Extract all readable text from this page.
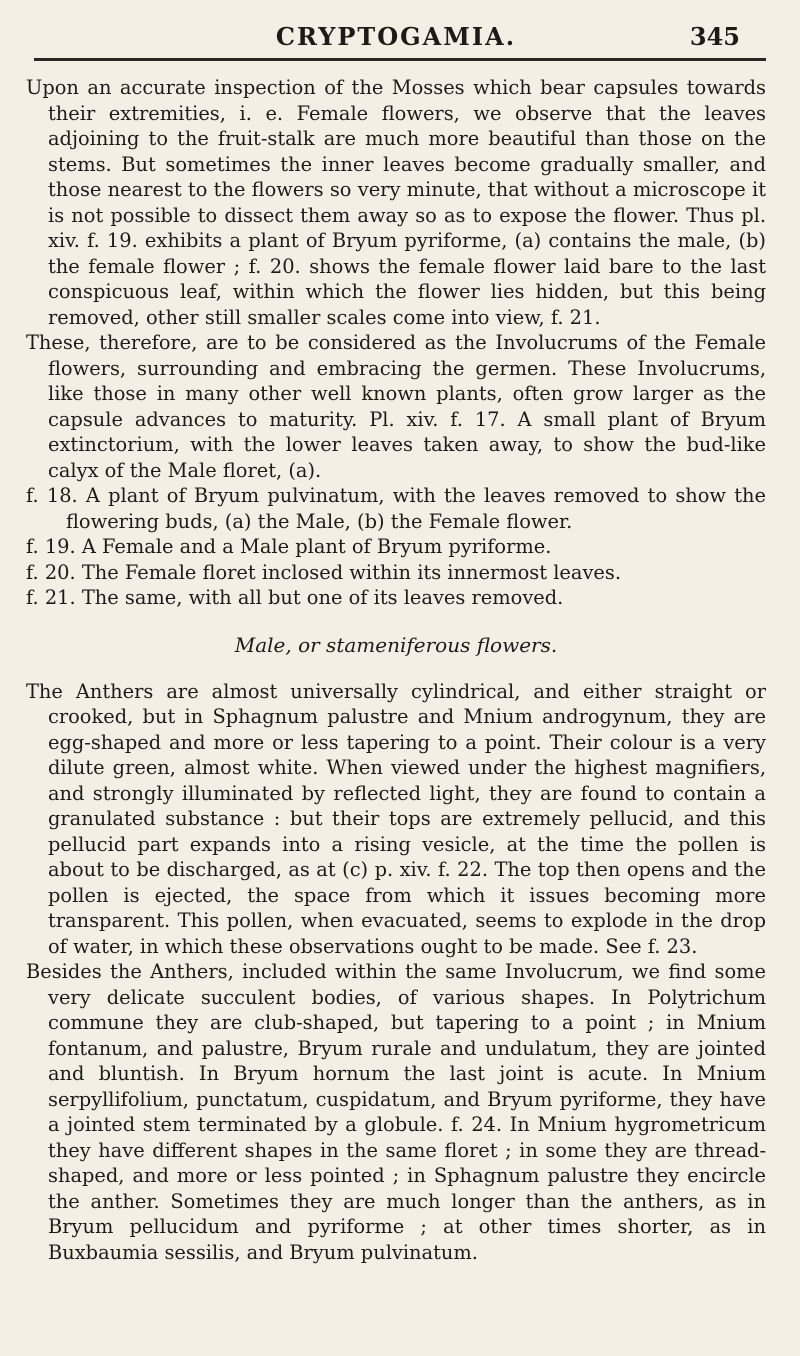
CRYPTOGAMIA.	345

Upon an accurate inspection of the Mosses which bear capsules towards their extremities, i. e. Female flowers, we observe that the leaves adjoining to the fruit-stalk are much more beautiful than those on the stems. But sometimes the inner leaves become gradually smaller, and those nearest to the flowers so very minute, that without a microscope it is not possible to dissect them away so as to expose the flower. Thus pl. xiv. f. 19. exhibits a plant of Bryum pyriforme, (a) contains the male, (b) the female flower ; f. 20. shows the female flower laid bare to the last conspicuous leaf, within which the flower lies hidden, but this being removed, other still smaller scales come into view, f. 21.

These, therefore, are to be considered as the Involucrums of the Female flowers, surrounding and embracing the germen. These Involucrums, like those in many other well known plants, often grow larger as the capsule advances to maturity. Pl. xiv. f. 17. A small plant of Bryum extinctorium, with the lower leaves taken away, to show the bud-like calyx of the Male floret, (a).

f. 18. A plant of Bryum pulvinatum, with the leaves removed to show the flowering buds, (a) the Male, (b) the Female flower.

f. 19. A Female and a Male plant of Bryum pyriforme.

f. 20. The Female floret inclosed within its innermost leaves.

f. 21. The same, with all but one of its leaves removed.

Male, or stameniferous flowers.

The Anthers are almost universally cylindrical, and either straight or crooked, but in Sphagnum palustre and Mnium androgynum, they are egg-shaped and more or less tapering to a point. Their colour is a very dilute green, almost white. When viewed under the highest magnifiers, and strongly illuminated by reflected light, they are found to contain a granulated substance : but their tops are extremely pellucid, and this pellucid part expands into a rising vesicle, at the time the pollen is about to be discharged, as at (c) p. xiv. f. 22. The top then opens and the pollen is ejected, the space from which it issues becoming more transparent. This pollen, when evacuated, seems to explode in the drop of water, in which these observations ought to be made. See f. 23.

Besides the Anthers, included within the same Involucrum, we find some very delicate succulent bodies, of various shapes. In Polytrichum commune they are club-shaped, but tapering to a point ; in Mnium fontanum, and palustre, Bryum rurale and undulatum, they are jointed and bluntish. In Bryum hornum the last joint is acute. In Mnium serpyllifolium, punctatum, cuspidatum, and Bryum pyriforme, they have a jointed stem terminated by a globule. f. 24. In Mnium hygrometricum they have different shapes in the same floret ; in some they are thread-shaped, and more or less pointed ; in Sphagnum palustre they encircle the anther. Sometimes they are much longer than the anthers, as in Bryum pellucidum and pyriforme ; at other times shorter, as in Buxbaumia sessilis, and Bryum pulvinatum.
